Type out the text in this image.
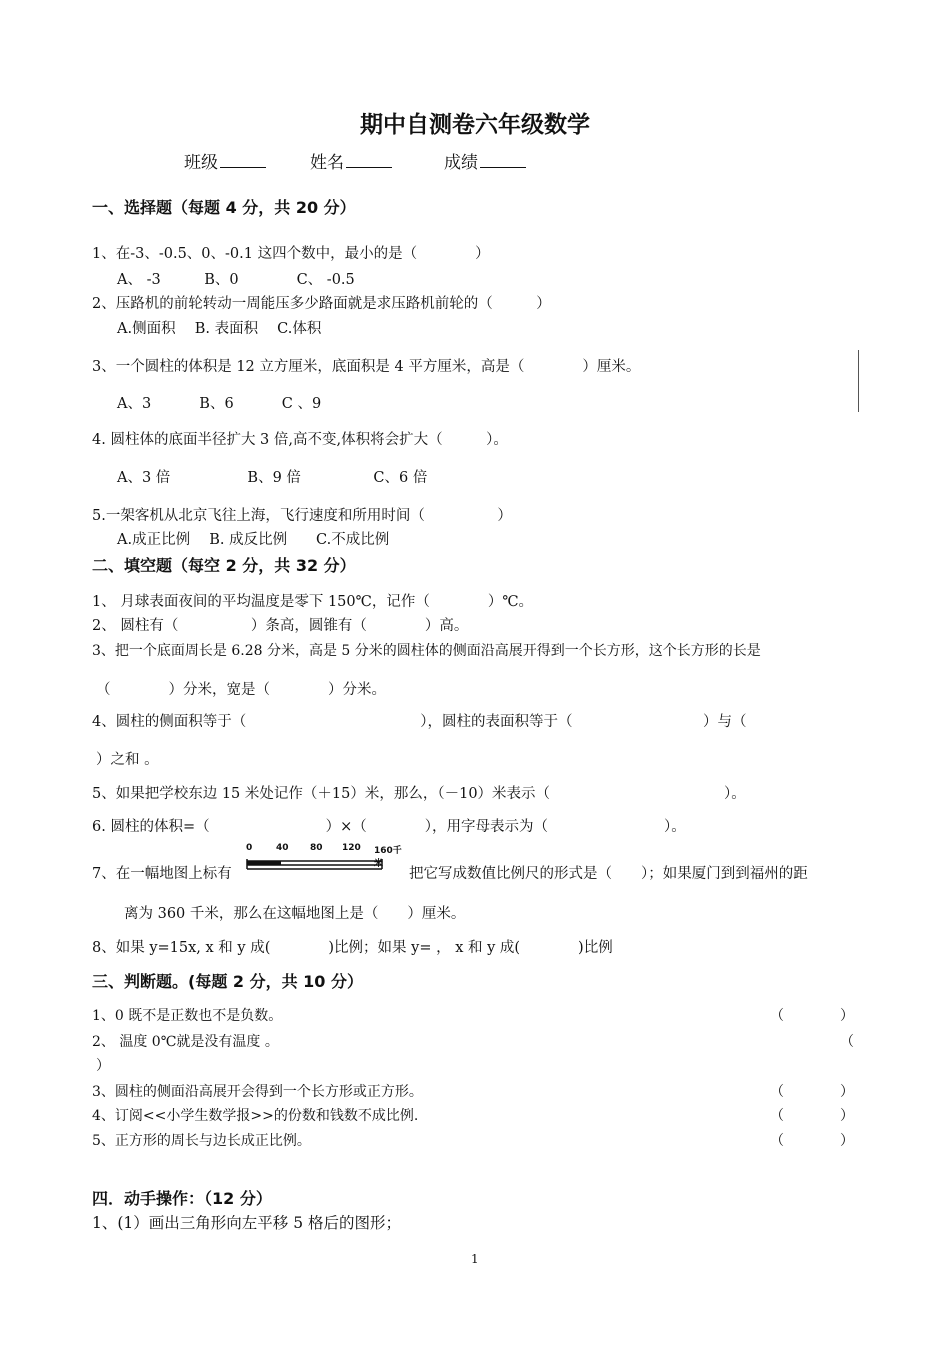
期中自测卷六年级数学
班级	姓名	成绩
一、选择题（每题 4 分，共 20 分）
1、在-3、-0.5、0、-0.1 这四个数中，最小的是（　　　　）
A、 -3　　　B、0　　　　C、 -0.5
2、压路机的前轮转动一周能压多少路面就是求压路机前轮的（　　　）
A.侧面积　 B. 表面积　 C.体积
3、一个圆柱的体积是 12 立方厘米，底面积是 4 平方厘米，高是（　　　　）厘米。
A、3　　　 B、6　　　 C 、9
4. 圆柱体的底面半径扩大 3 倍,高不变,体积将会扩大（　　　）。
A、3 倍　　　　　 B、9 倍　　　　　C、6 倍
5.一架客机从北京飞往上海，飞行速度和所用时间（　　　　　）
A.成正比例　 B. 成反比例　　C.不成比例
二、填空题（每空 2 分，共 32 分）
1、 月球表面夜间的平均温度是零下 150℃，记作（　　　　）℃。
2、 圆柱有（　　　　　）条高，圆锥有（　　　　）高。
3、把一个底面周长是 6.28 分米，高是 5 分米的圆柱体的侧面沿高展开得到一个长方形，这个长方形的长是
（　　　　）分米，宽是（　　　　）分米。
4、圆柱的侧面积等于（　　　　　　　　　　　　），圆柱的表面积等于（　　　　　　　　　）与（
）之和 。
5、如果把学校东边 15 米处记作（＋15）米，那么，（－10）米表示（　　　　　　　　　　　　）。
6. 圆柱的体积=（　　　　　　　　）×（　　　　），用字母表示为（　　　　　　　　）。
7、在一幅地图上标有
0	40 80 120 160千米
把它写成数值比例尺的形式是（　　）；如果厦门到到福州的距
离为 360 千米，那么在这幅地图上是（　　）厘米。
8、如果 y=15x, x 和 y 成(　　　　)比例；如果 y= ， x 和 y 成(　　　　)比例
三、判断题。(每题 2 分，共 10 分）
1、0 既不是正数也不是负数。	（　　　　）
2、 温度 0℃就是没有温度 。	（
）
3、圆柱的侧面沿高展开会得到一个长方形或正方形。	（　　　　）
4、订阅<<小学生数学报>>的份数和钱数不成比例.	（　　　　）
5、正方形的周长与边长成正比例。	（　　　　）
四．动手操作：（12 分）
1、(1）画出三角形向左平移 5 格后的图形；
1
